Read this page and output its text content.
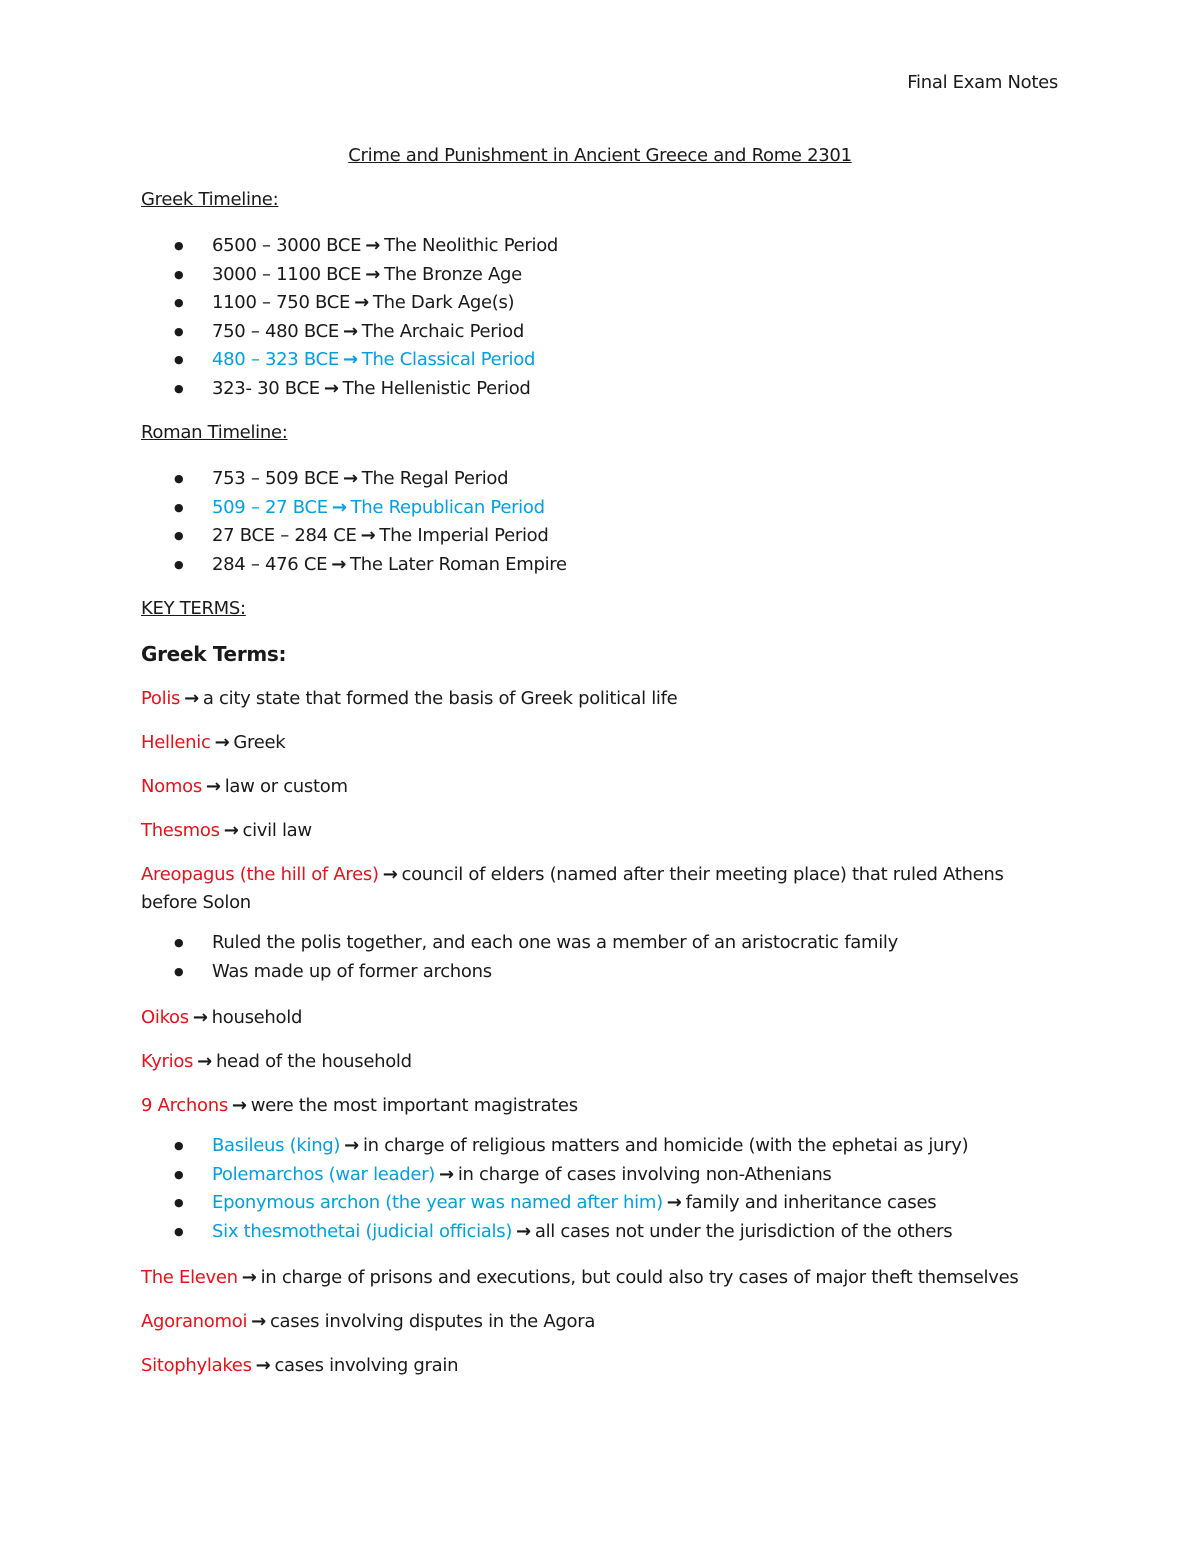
Final Exam Notes
Crime and Punishment in Ancient Greece and Rome 2301
Greek Timeline:
● 6500 – 3000 BCE → The Neolithic Period
● 3000 – 1100 BCE → The Bronze Age
● 1100 – 750 BCE → The Dark Age(s)
● 750 – 480 BCE → The Archaic Period
● 480 – 323 BCE → The Classical Period
● 323- 30 BCE → The Hellenistic Period
Roman Timeline:
● 753 – 509 BCE → The Regal Period
● 509 – 27 BCE → The Republican Period
● 27 BCE – 284 CE → The Imperial Period
● 284 – 476 CE → The Later Roman Empire
KEY TERMS:
Greek Terms:
Polis → a city state that formed the basis of Greek political life
Hellenic → Greek
Nomos → law or custom
Thesmos → civil law
Areopagus (the hill of Ares) → council of elders (named after their meeting place) that ruled Athens before Solon
● Ruled the polis together, and each one was a member of an aristocratic family
● Was made up of former archons
Oikos → household
Kyrios → head of the household
9 Archons → were the most important magistrates
● Basileus (king) → in charge of religious matters and homicide (with the ephetai as jury)
● Polemarchos (war leader) → in charge of cases involving non-Athenians
● Eponymous archon (the year was named after him) → family and inheritance cases
● Six thesmothetai (judicial officials) → all cases not under the jurisdiction of the others
The Eleven → in charge of prisons and executions, but could also try cases of major theft themselves
Agoranomoi → cases involving disputes in the Agora
Sitophylakes → cases involving grain
